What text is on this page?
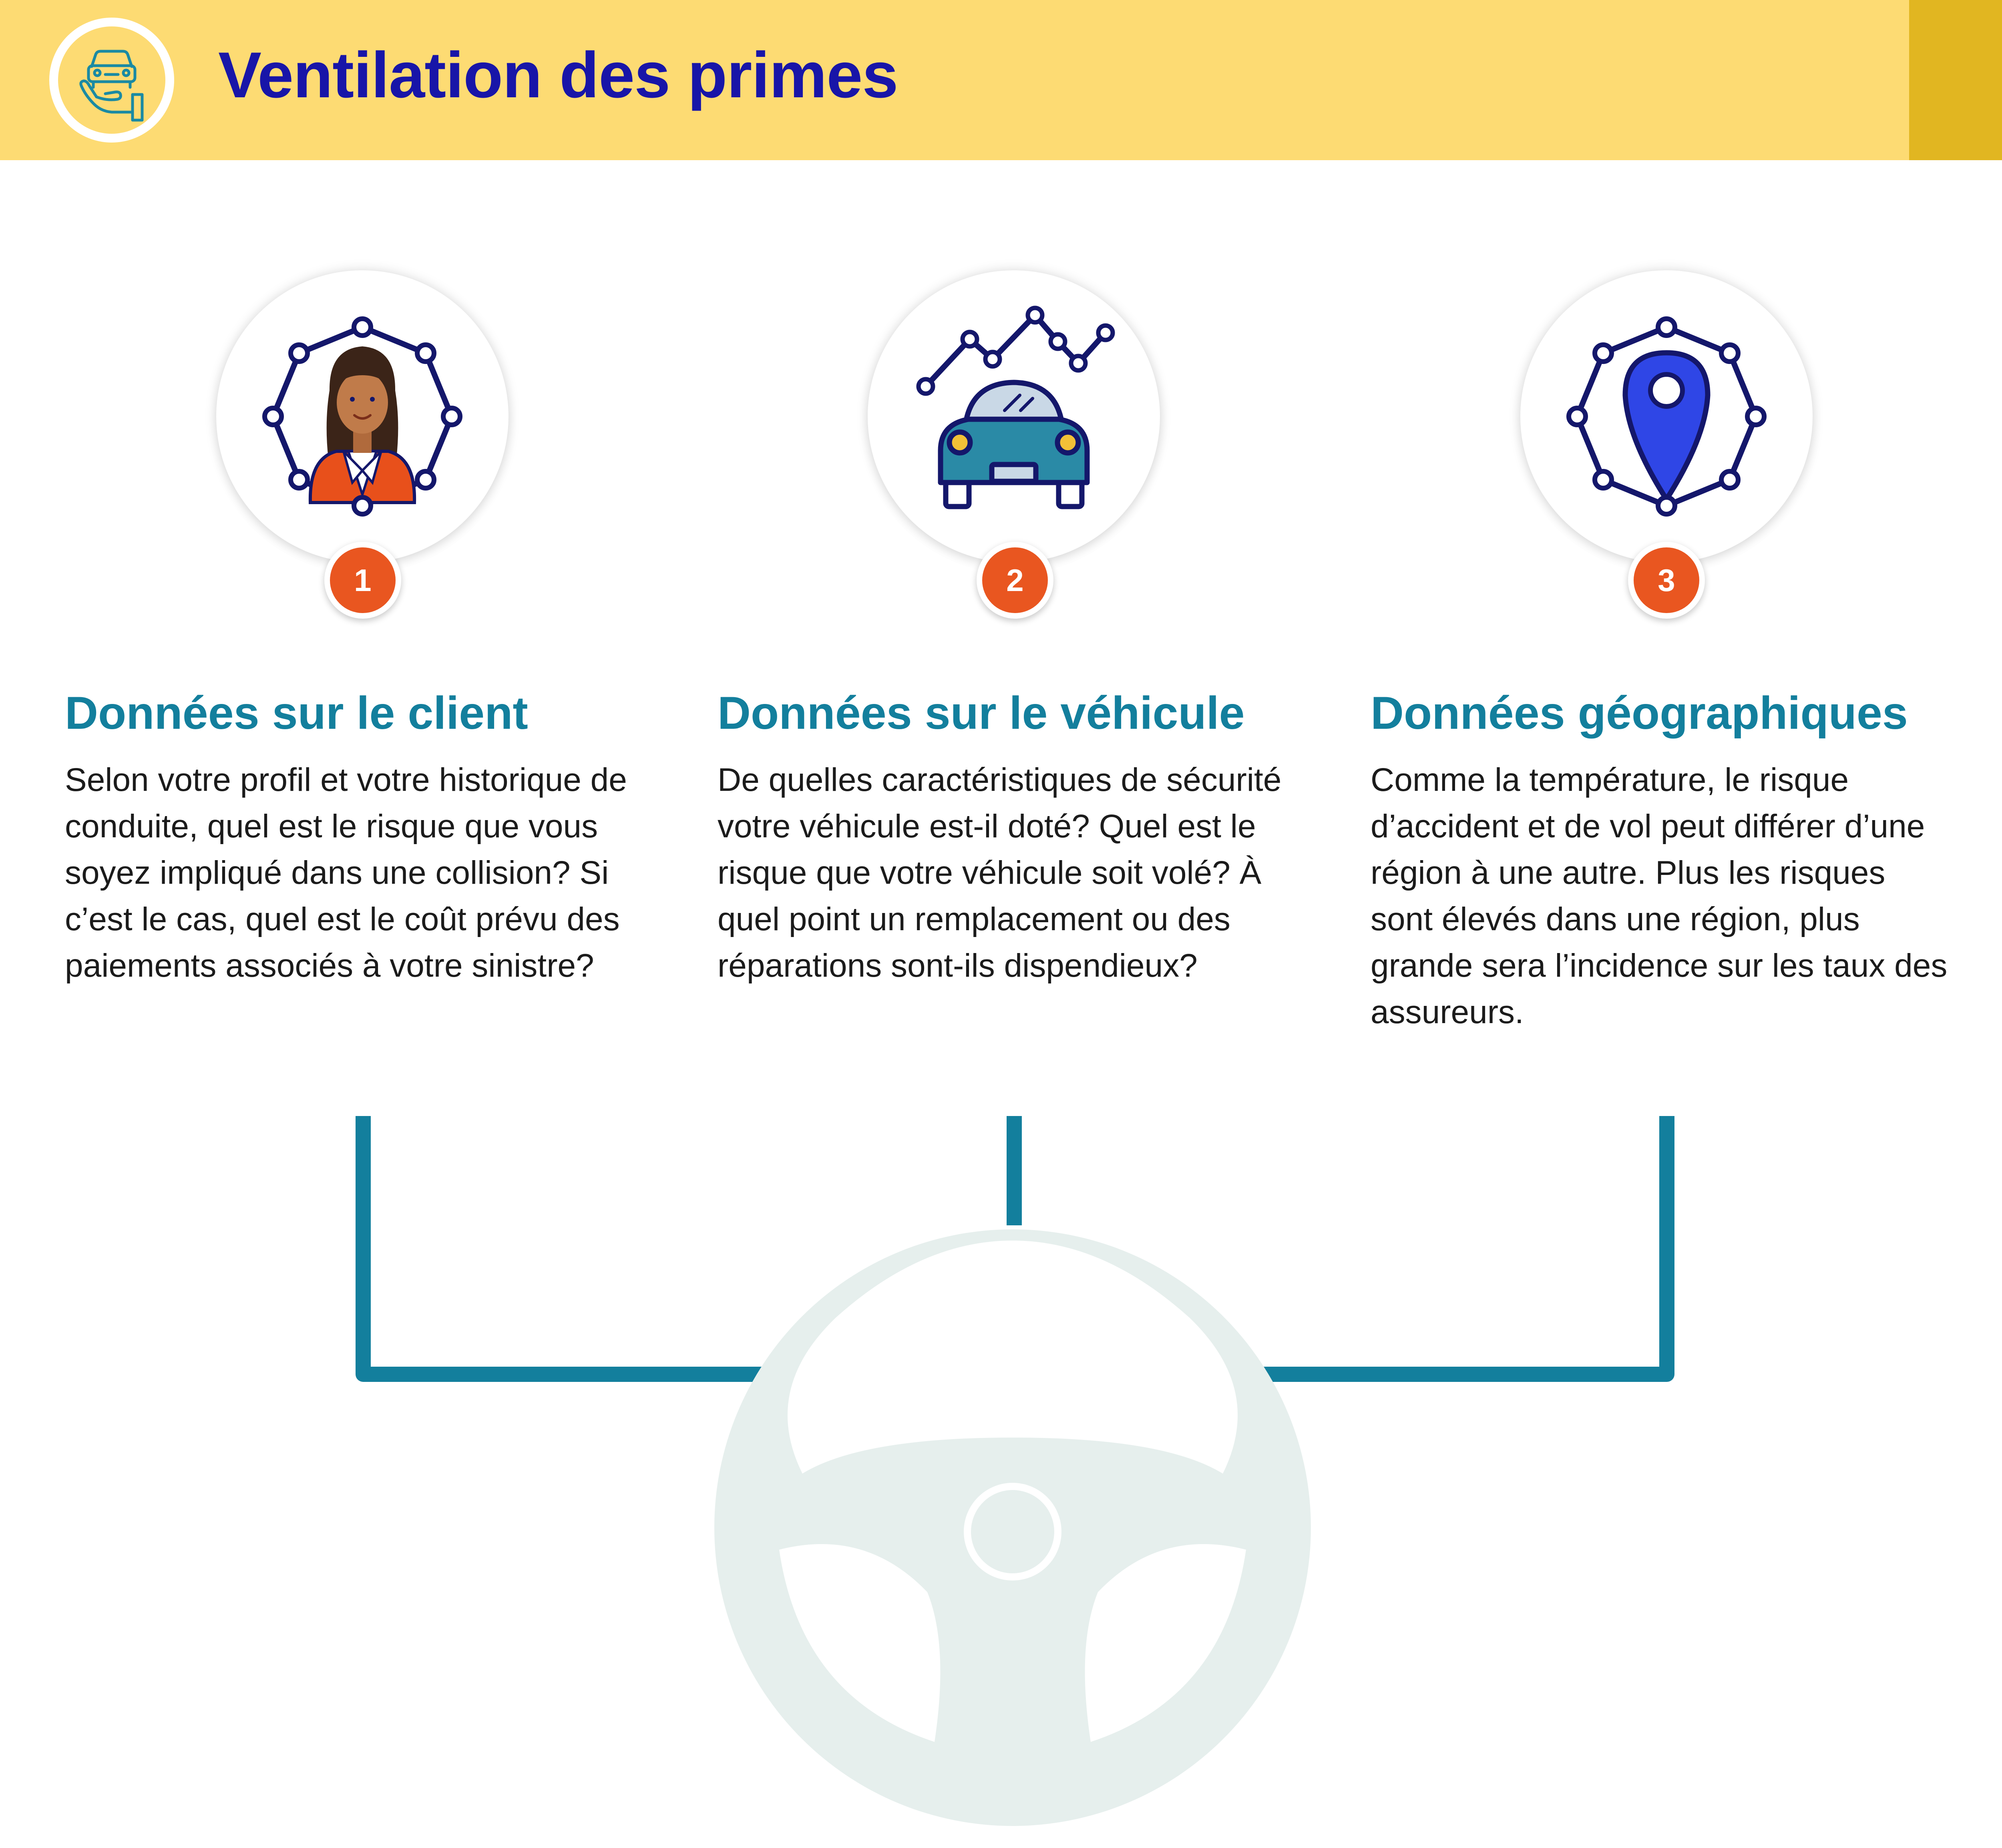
Ventilation des primes
1
Données sur le client

Selon votre profil et votre historique de conduite, quel est le risque que vous soyez impliqué dans une collision? Si c’est le cas, quel est le coût prévu des paiements associés à votre sinistre?

2
Données sur le véhicule

De quelles caractéristiques de sécurité votre véhicule est-il doté? Quel est le risque que votre véhicule soit volé? À quel point un remplacement ou des réparations sont-ils dispendieux?

3
Données géographiques

Comme la température, le risque d’accident et de vol peut différer d’une région à une autre. Plus les risques sont élevés dans une région, plus grande sera l’incidence sur les taux des assureurs.
